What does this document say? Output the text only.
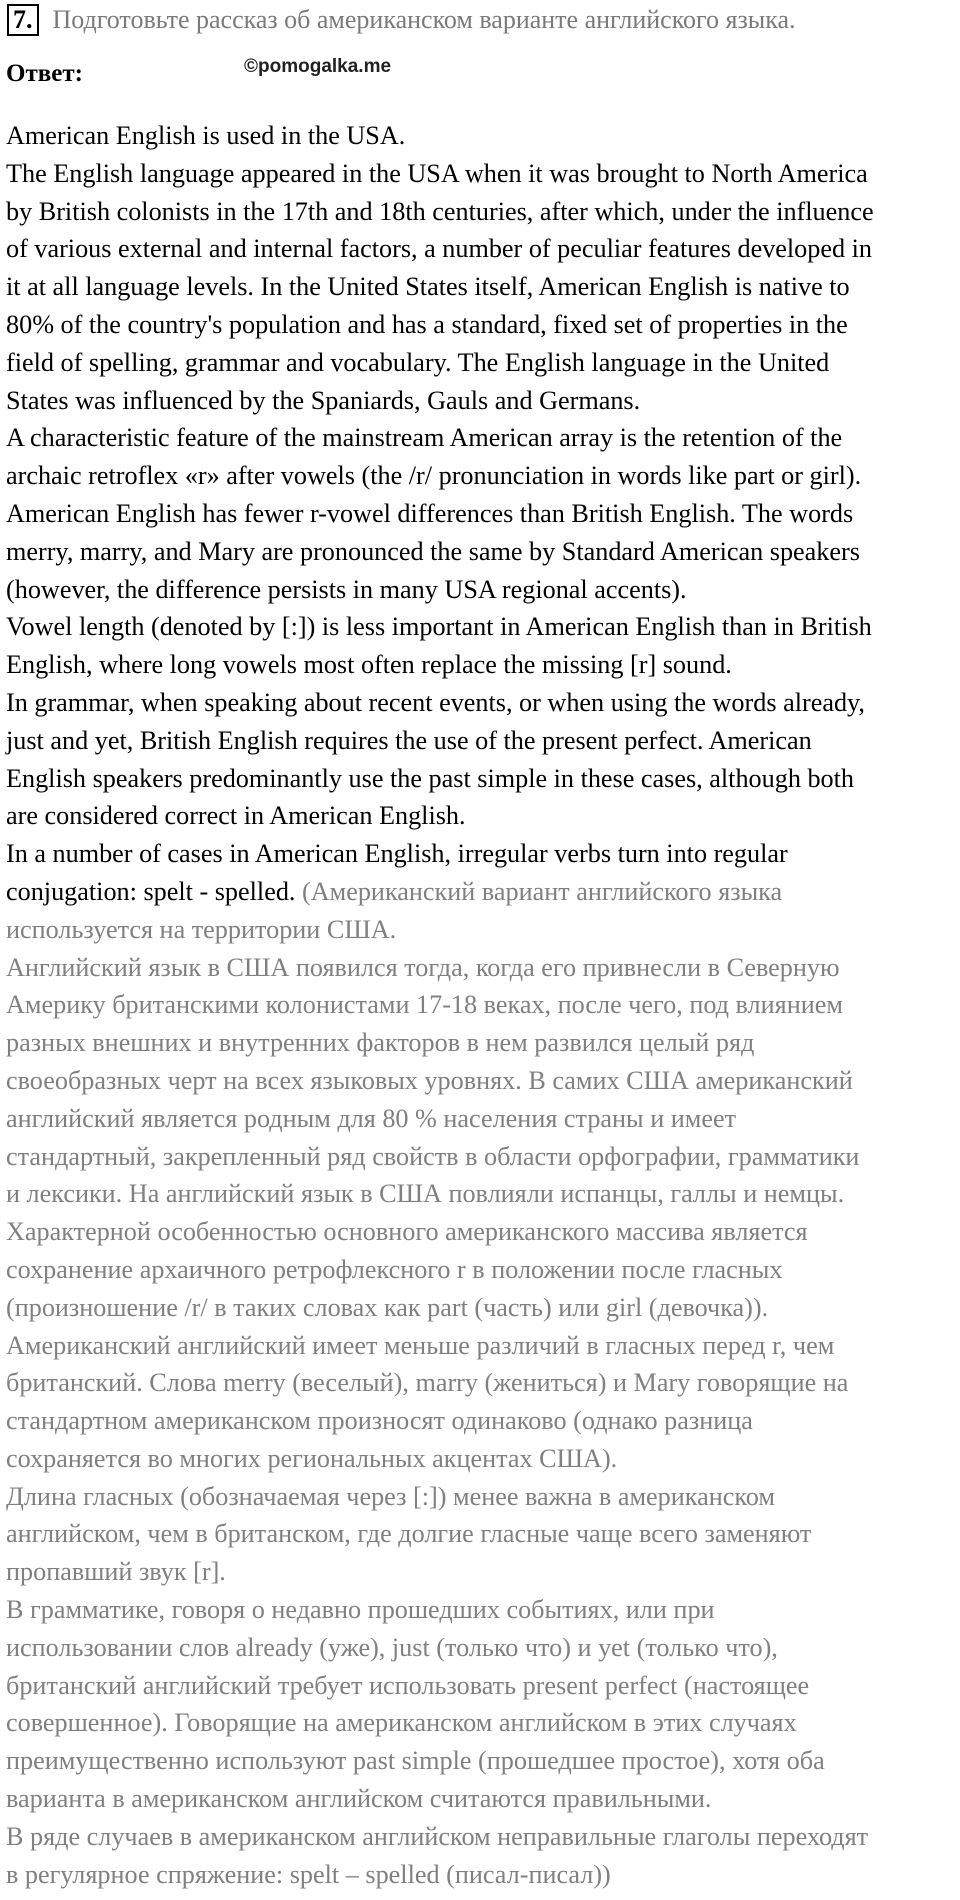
7. Подготовьте рассказ об американском варианте английского языка.
Ответ:	©pomogalka.me
American English is used in the USA.
The English language appeared in the USA when it was brought to North America
by British colonists in the 17th and 18th centuries, after which, under the influence
of various external and internal factors, a number of peculiar features developed in
it at all language levels. In the United States itself, American English is native to
80% of the country's population and has a standard, fixed set of properties in the
field of spelling, grammar and vocabulary. The English language in the United
States was influenced by the Spaniards, Gauls and Germans.
A characteristic feature of the mainstream American array is the retention of the
archaic retroflex «r» after vowels (the /r/ pronunciation in words like part or girl).
American English has fewer r-vowel differences than British English. The words
merry, marry, and Mary are pronounced the same by Standard American speakers
(however, the difference persists in many USA regional accents).
Vowel length (denoted by [:]) is less important in American English than in British
English, where long vowels most often replace the missing [r] sound.
In grammar, when speaking about recent events, or when using the words already,
just and yet, British English requires the use of the present perfect. American
English speakers predominantly use the past simple in these cases, although both
are considered correct in American English.
In a number of cases in American English, irregular verbs turn into regular
conjugation: spelt - spelled. (Американский вариант английского языка
используется на территории США.
Английский язык в США появился тогда, когда его привнесли в Северную
Америку британскими колонистами 17-18 веках, после чего, под влиянием
разных внешних и внутренних факторов в нем развился целый ряд
своеобразных черт на всех языковых уровнях. В самих США американский
английский является родным для 80 % населения страны и имеет
стандартный, закрепленный ряд свойств в области орфографии, грамматики
и лексики. На английский язык в США повлияли испанцы, галлы и немцы.
Характерной особенностью основного американского массива является
сохранение архаичного ретрофлексного r в положении после гласных
(произношение /r/ в таких словах как part (часть) или girl (девочка)).
Американский английский имеет меньше различий в гласных перед r, чем
британский. Слова merry (веселый), marry (жениться) и Mary говорящие на
стандартном американском произносят одинаково (однако разница
сохраняется во многих региональных акцентах США).
Длина гласных (обозначаемая через [:]) менее важна в американском
английском, чем в британском, где долгие гласные чаще всего заменяют
пропавший звук [r].
В грамматике, говоря о недавно прошедших событиях, или при
использовании слов already (уже), just (только что) и yet (только что),
британский английский требует использовать present perfect (настоящее
совершенное). Говорящие на американском английском в этих случаях
преимущественно используют past simple (прошедшее простое), хотя оба
варианта в американском английском считаются правильными.
В ряде случаев в американском английском неправильные глаголы переходят
в регулярное спряжение: spelt – spelled (писал-писал))
